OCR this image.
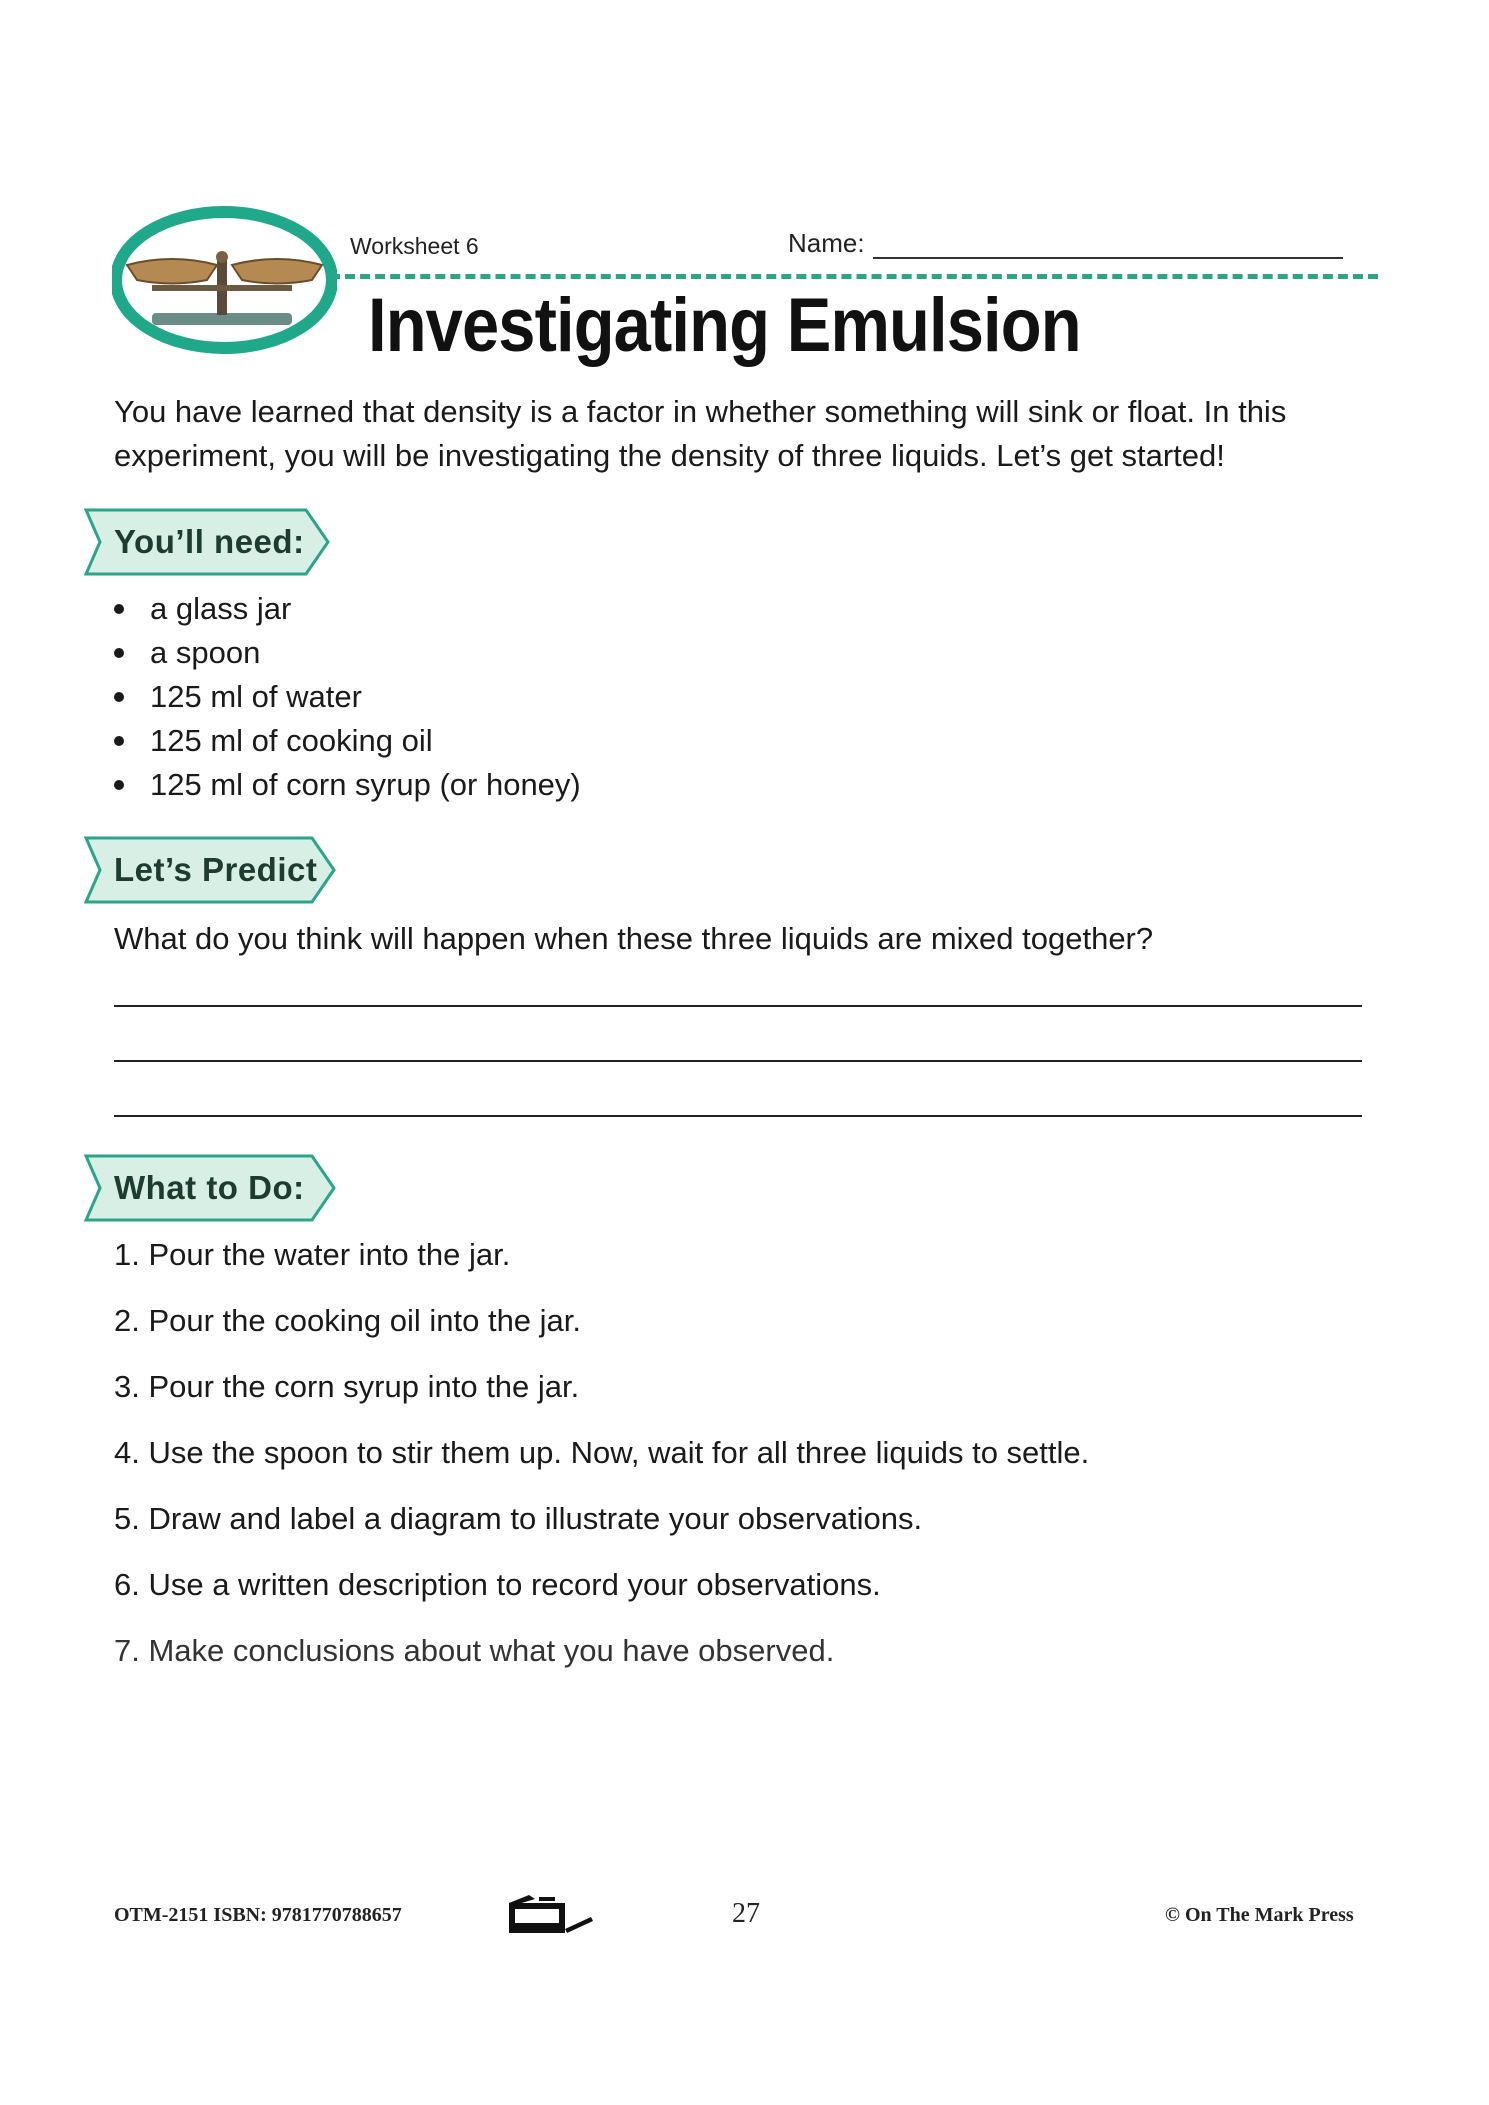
Worksheet 6	Name:
Investigating Emulsion

You have learned that density is a factor in whether something will sink or float. In this experiment, you will be investigating the density of three liquids. Let’s get started!

You’ll need:
a glass jar
a spoon
125 ml of water
125 ml of cooking oil
125 ml of corn syrup (or honey)
Let’s Predict

What do you think will happen when these three liquids are mixed together?

What to Do:
1. Pour the water into the jar.
2. Pour the cooking oil into the jar.
3. Pour the corn syrup into the jar.
4. Use the spoon to stir them up. Now, wait for all three liquids to settle.
5. Draw and label a diagram to illustrate your observations.
6. Use a written description to record your observations.
7. Make conclusions about what you have observed.
OTM-2151 ISBN: 9781770788657	27	© On The Mark Press
